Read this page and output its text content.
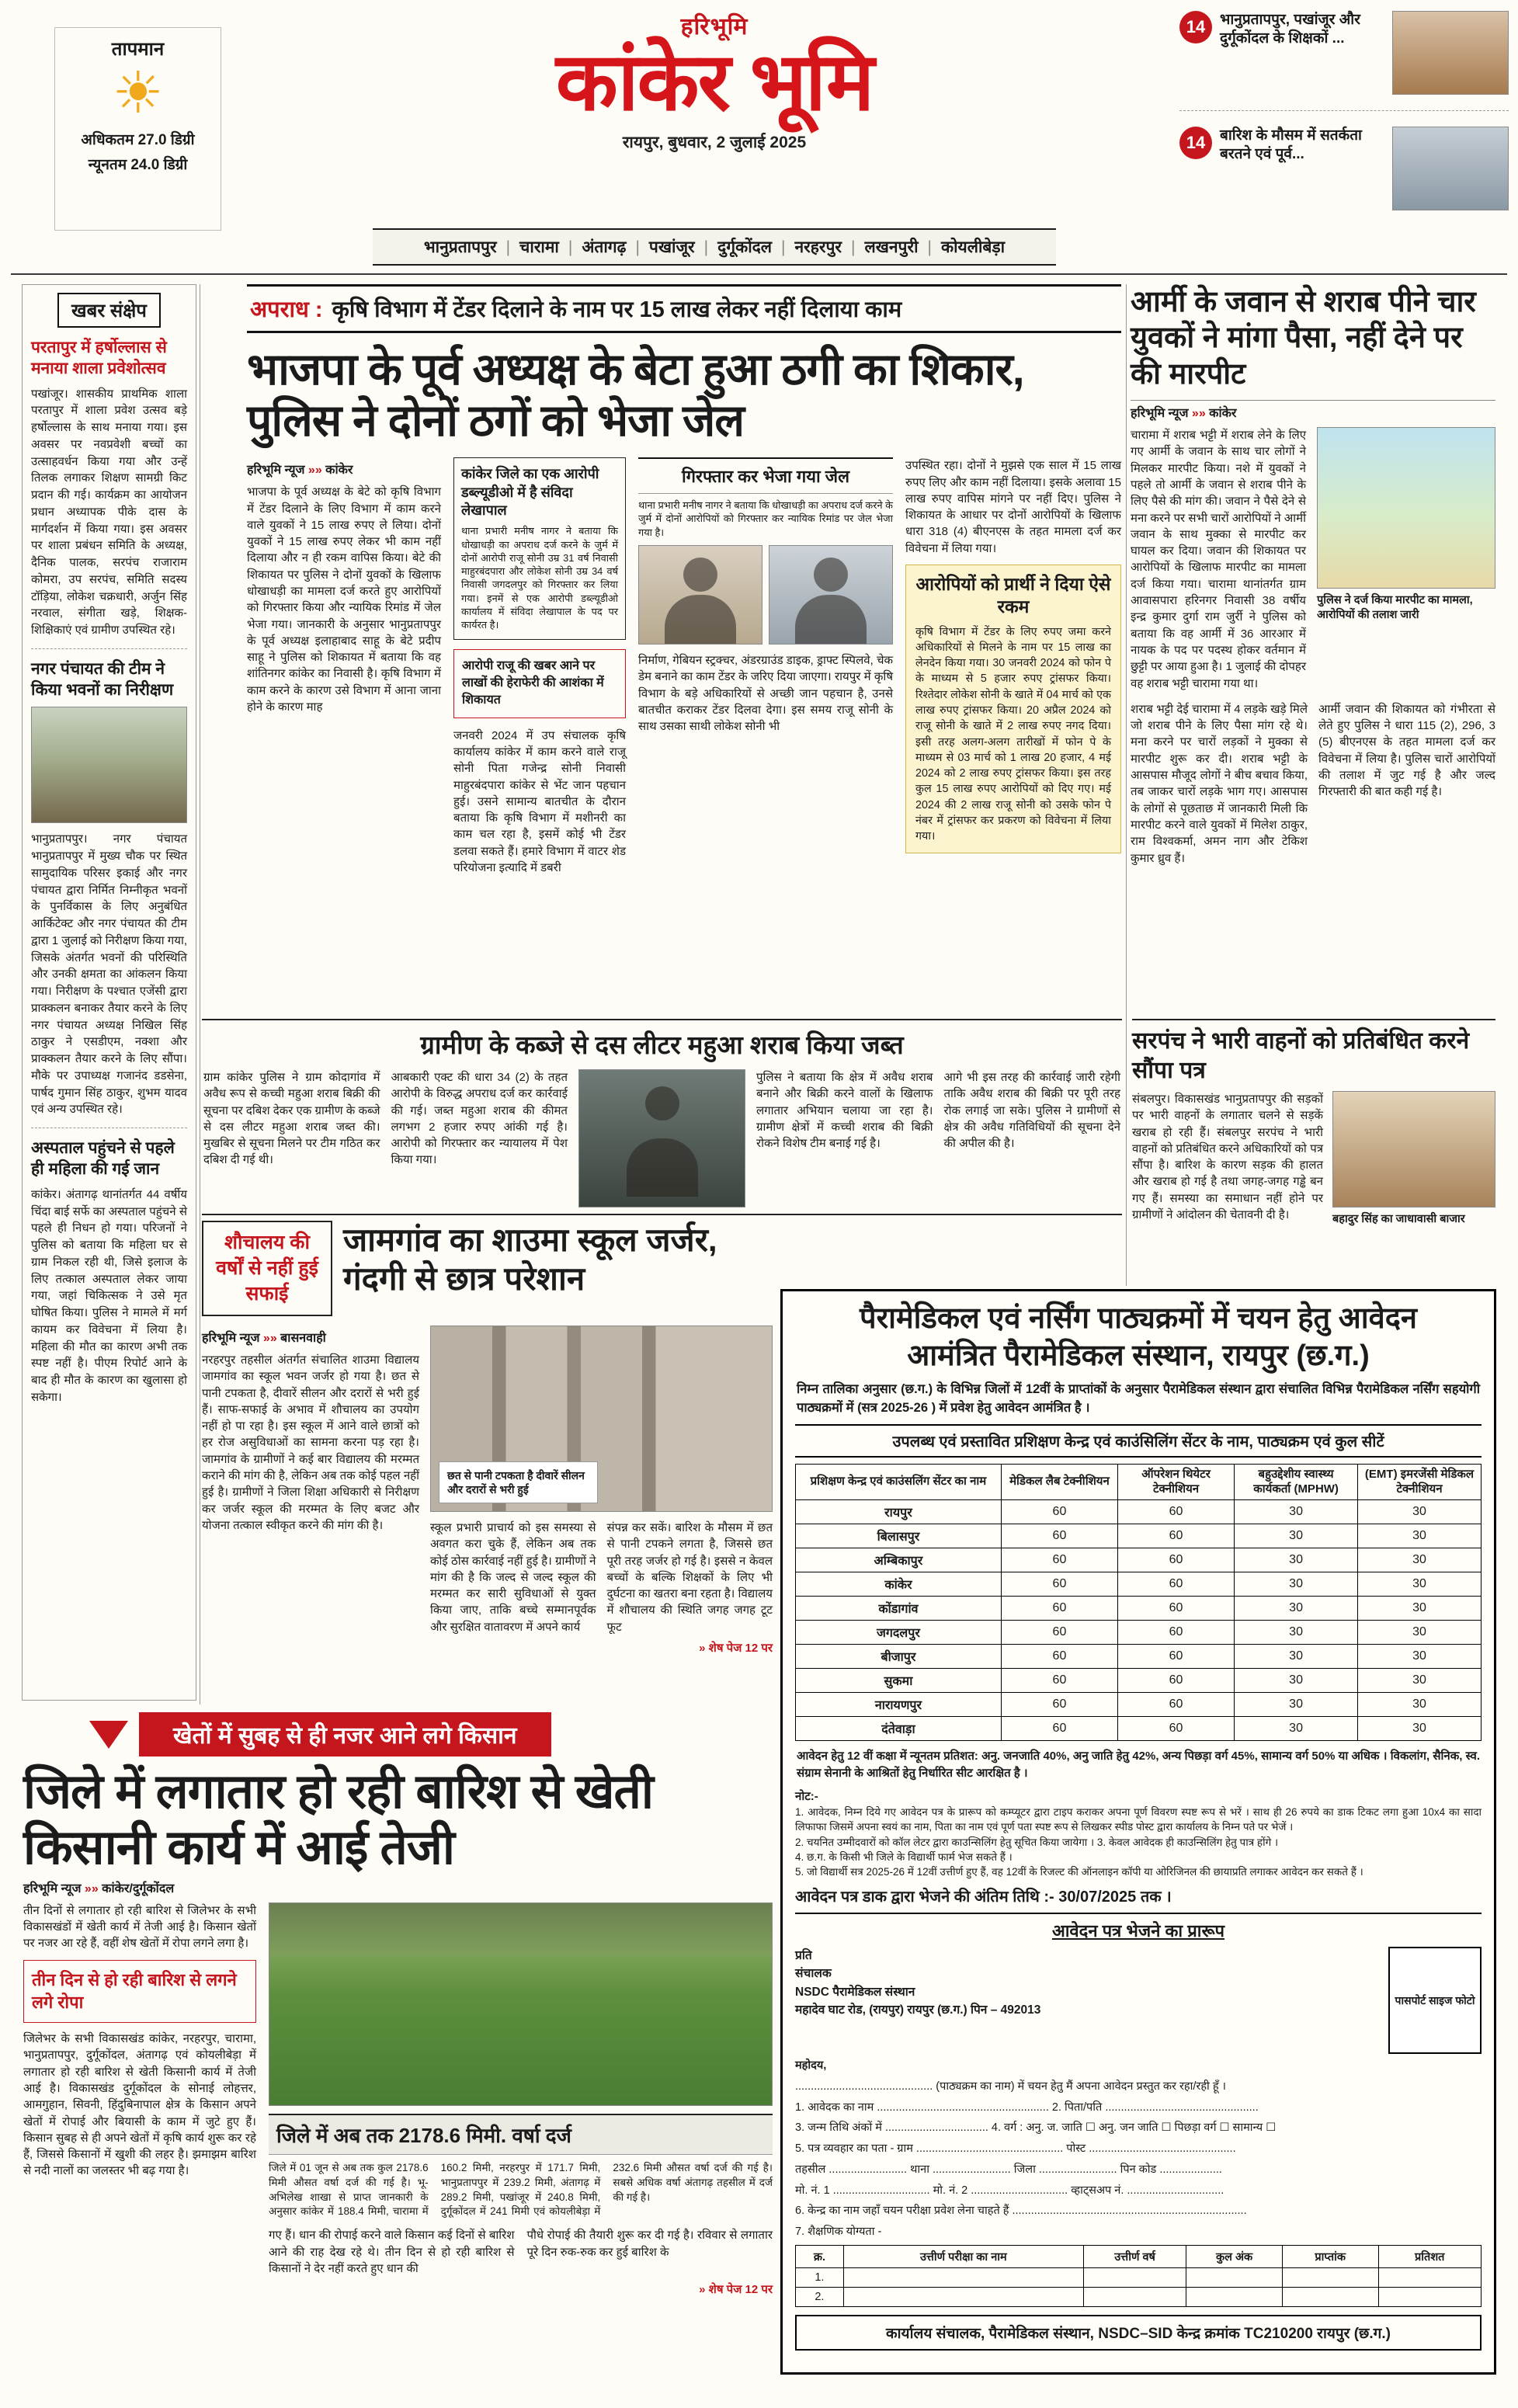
तापमान
☀
अधिकतम 27.0 डिग्री
न्यूनतम 24.0 डिग्री
हरिभूमि
कांकेर भूमि
रायपुर, बुधवार, 2 जुलाई 2025
भानुप्रतापपुर	| चारामा	| अंतागढ़	| पखांजूर	| दुर्गूकोंदल	| नरहरपुर	| लखनपुरी	| कोयलीबेड़ा
14 भानुप्रतापपुर, पखांजूर और दुर्गूकोंदल के शिक्षकों ...
14 बारिश के मौसम में सतर्कता बरतने एवं पूर्व...
खबर संक्षेप
परतापुर में हर्षोल्लास से मनाया शाला प्रवेशोत्सव

पखांजूर। शासकीय प्राथमिक शाला परतापुर में शाला प्रवेश उत्सव बड़े हर्षोल्लास के साथ मनाया गया। इस अवसर पर नवप्रवेशी बच्चों का उत्साहवर्धन किया गया और उन्हें तिलक लगाकर शिक्षण सामग्री किट प्रदान की गई। कार्यक्रम का आयोजन प्रधान अध्यापक पीके दास के मार्गदर्शन में किया गया। इस अवसर पर शाला प्रबंधन समिति के अध्यक्ष, दैनिक पालक, सरपंच राजाराम कोमरा, उप सरपंच, समिति सदस्य टॉड़िया, लोकेश चक्रधारी, अर्जुन सिंह नरवाल, संगीता खड़े, शिक्षक-शिक्षिकाएं एवं ग्रामीण उपस्थित रहे।

नगर पंचायत की टीम ने किया भवनों का निरीक्षण

भानुप्रतापपुर। नगर पंचायत भानुप्रतापपुर में मुख्य चौक पर स्थित सामुदायिक परिसर इकाई और नगर पंचायत द्वारा निर्मित निम्नीकृत भवनों के पुनर्विकास के लिए अनुबंधित आर्किटेक्ट और नगर पंचायत की टीम द्वारा 1 जुलाई को निरीक्षण किया गया, जिसके अंतर्गत भवनों की परिस्थिति और उनकी क्षमता का आंकलन किया गया। निरीक्षण के पश्चात एजेंसी द्वारा प्राक्कलन बनाकर तैयार करने के लिए नगर पंचायत अध्यक्ष निखिल सिंह ठाकुर ने एसडीएम, नक्शा और प्राक्कलन तैयार करने के लिए सौंपा। मौके पर उपाध्यक्ष गजानंद डडसेना, पार्षद गुमान सिंह ठाकुर, शुभम यादव एवं अन्य उपस्थित रहे।

अस्पताल पहुंचने से पहले ही महिला की गई जान

कांकेर। अंतागढ़ थानांतर्गत 44 वर्षीय चिंदा बाई सर्फे का अस्पताल पहुंचने से पहले ही निधन हो गया। परिजनों ने पुलिस को बताया कि महिला घर से ग्राम निकल रही थी, जिसे इलाज के लिए तत्काल अस्पताल लेकर जाया गया, जहां चिकित्सक ने उसे मृत घोषित किया। पुलिस ने मामले में मर्ग कायम कर विवेचना में लिया है। महिला की मौत का कारण अभी तक स्पष्ट नहीं है। पीएम रिपोर्ट आने के बाद ही मौत के कारण का खुलासा हो सकेगा।

अपराध : कृषि विभाग में टेंडर दिलाने के नाम पर 15 लाख लेकर नहीं दिलाया काम
भाजपा के पूर्व अध्यक्ष के बेटा हुआ ठगी का शिकार, पुलिस ने दोनों ठगों को भेजा जेल
हरिभूमि न्यूज »» कांकेर

भाजपा के पूर्व अध्यक्ष के बेटे को कृषि विभाग में टेंडर दिलाने के लिए विभाग में काम करने वाले युवकों ने 15 लाख रुपए ले लिया। दोनों युवकों ने 15 लाख रुपए लेकर भी काम नहीं दिलाया और न ही रकम वापिस किया। बेटे की शिकायत पर पुलिस ने दोनों युवकों के खिलाफ धोखाधड़ी का मामला दर्ज करते हुए आरोपियों को गिरफ्तार किया और न्यायिक रिमांड में जेल भेजा गया। जानकारी के अनुसार भानुप्रतापपुर के पूर्व अध्यक्ष इलाहाबाद साहू के बेटे प्रदीप साहू ने पुलिस को शिकायत में बताया कि वह शांतिनगर कांकेर का निवासी है। कृषि विभाग में काम करने के कारण उसे विभाग में आना जाना होने के कारण माह

कांकेर जिले का एक आरोपी डब्ल्यूडीओ में है संविदा लेखापाल

थाना प्रभारी मनीष नागर ने बताया कि धोखाधड़ी का अपराध दर्ज करने के जुर्म में दोनों आरोपी राजू सोनी उम्र 31 वर्ष निवासी माहुरबंदपारा और लोकेश सोनी उम्र 34 वर्ष निवासी जगदलपुर को गिरफ्तार कर लिया गया। इनमें से एक आरोपी डब्ल्यूडीओ कार्यालय में संविदा लेखापाल के पद पर कार्यरत है।

आरोपी राजू की खबर आने पर लाखों की हेराफेरी की आशंका में शिकायत

जनवरी 2024 में उप संचालक कृषि कार्यालय कांकेर में काम करने वाले राजू सोनी पिता गजेन्द्र सोनी निवासी माहुरबंदपारा कांकेर से भेंट जान पहचान हुई। उसने सामान्य बातचीत के दौरान बताया कि कृषि विभाग में मशीनरी का काम चल रहा है, इसमें कोई भी टेंडर डलवा सकते हैं। हमारे विभाग में वाटर शेड परियोजना इत्यादि में डबरी

गिरफ्तार कर भेजा गया जेल

थाना प्रभारी मनीष नागर ने बताया कि धोखाधड़ी का अपराध दर्ज करने के जुर्म में दोनों आरोपियों को गिरफ्तार कर न्यायिक रिमांड पर जेल भेजा गया है।

निर्माण, गेबियन स्ट्रक्चर, अंडरग्राउंड डाइक, ड्राफ्ट स्पिलवे, चेक डेम बनाने का काम टेंडर के जरिए दिया जाएगा। रायपुर में कृषि विभाग के बड़े अधिकारियों से अच्छी जान पहचान है, उनसे बातचीत कराकर टेंडर दिलवा देगा। इस समय राजू सोनी के साथ उसका साथी लोकेश सोनी भी

उपस्थित रहा। दोनों ने मुझसे एक साल में 15 लाख रुपए लिए और काम नहीं दिलाया। इसके अलावा 15 लाख रुपए वापिस मांगने पर नहीं दिए। पुलिस ने शिकायत के आधार पर दोनों आरोपियों के खिलाफ धारा 318 (4) बीएनएस के तहत मामला दर्ज कर विवेचना में लिया गया।

आरोपियों को प्रार्थी ने दिया ऐसे रकम

कृषि विभाग में टेंडर के लिए रुपए जमा करने अधिकारियों से मिलने के नाम पर 15 लाख का लेनदेन किया गया। 30 जनवरी 2024 को फोन पे के माध्यम से 5 हजार रुपए ट्रांसफर किया। रिश्तेदार लोकेश सोनी के खाते में 04 मार्च को एक लाख रुपए ट्रांसफर किया। 20 अप्रैल 2024 को राजू सोनी के खाते में 2 लाख रुपए नगद दिया। इसी तरह अलग-अलग तारीखों में फोन पे के माध्यम से 03 मार्च को 1 लाख 20 हजार, 4 मई 2024 को 2 लाख रुपए ट्रांसफर किया। इस तरह कुल 15 लाख रुपए आरोपियों को दिए गए। मई 2024 की 2 लाख राजू सोनी को उसके फोन पे नंबर में ट्रांसफर कर प्रकरण को विवेचना में लिया गया।

आर्मी के जवान से शराब पीने चार युवकों ने मांगा पैसा, नहीं देने पर की मारपीट
हरिभूमि न्यूज »» कांकेर

चारामा में शराब भट्टी में शराब लेने के लिए गए आर्मी के जवान के साथ चार लोगों ने मिलकर मारपीट किया। नशे में युवकों ने पहले तो आर्मी के जवान से शराब पीने के लिए पैसे की मांग की। जवान ने पैसे देने से मना करने पर सभी चारों आरोपियों ने आर्मी जवान के साथ मुक्का से मारपीट कर घायल कर दिया। जवान की शिकायत पर आरोपियों के खिलाफ मारपीट का मामला दर्ज किया गया। चारामा थानांतर्गत ग्राम आवासपारा हरिनगर निवासी 38 वर्षीय इन्द्र कुमार दुर्गा राम जुर्री ने पुलिस को बताया कि वह आर्मी में 36 आरआर में नायक के पद पर पदस्थ होकर वर्तमान में छुट्टी पर आया हुआ है। 1 जुलाई की दोपहर वह शराब भट्टी चारामा गया था।

पुलिस ने दर्ज किया मारपीट का मामला, आरोपियों की तलाश जारी

शराब भट्टी देई चारामा में 4 लड़के खड़े मिले जो शराब पीने के लिए पैसा मांग रहे थे। मना करने पर चारों लड़कों ने मुक्का से मारपीट शुरू कर दी। शराब भट्टी के आसपास मौजूद लोगों ने बीच बचाव किया, तब जाकर चारों लड़के भाग गए। आसपास के लोगों से पूछताछ में जानकारी मिली कि मारपीट करने वाले युवकों में मिलेश ठाकुर, राम विश्वकर्मा, अमन नाग और टेकिश कुमार ध्रुव हैं।

आर्मी जवान की शिकायत को गंभीरता से लेते हुए पुलिस ने धारा 115 (2), 296, 3 (5) बीएनएस के तहत मामला दर्ज कर विवेचना में लिया है। पुलिस चारों आरोपियों की तलाश में जुट गई है और जल्द गिरफ्तारी की बात कही गई है।

ग्रामीण के कब्जे से दस लीटर महुआ शराब किया जब्त

ग्राम कांकेर पुलिस ने ग्राम कोदागांव में अवैध रूप से कच्ची महुआ शराब बिक्री की सूचना पर दबिश देकर एक ग्रामीण के कब्जे से दस लीटर महुआ शराब जब्त की। मुखबिर से सूचना मिलने पर टीम गठित कर दबिश दी गई थी।

आबकारी एक्ट की धारा 34 (2) के तहत आरोपी के विरुद्ध अपराध दर्ज कर कार्रवाई की गई। जब्त महुआ शराब की कीमत लगभग 2 हजार रुपए आंकी गई है। आरोपी को गिरफ्तार कर न्यायालय में पेश किया गया।

पुलिस ने बताया कि क्षेत्र में अवैध शराब बनाने और बिक्री करने वालों के खिलाफ लगातार अभियान चलाया जा रहा है। ग्रामीण क्षेत्रों में कच्ची शराब की बिक्री रोकने विशेष टीम बनाई गई है।

आगे भी इस तरह की कार्रवाई जारी रहेगी ताकि अवैध शराब की बिक्री पर पूरी तरह रोक लगाई जा सके। पुलिस ने ग्रामीणों से क्षेत्र की अवैध गतिविधियों की सूचना देने की अपील की है।

सरपंच ने भारी वाहनों को प्रतिबंधित करने सौंपा पत्र

संबलपुर। विकासखंड भानुप्रतापपुर की सड़कों पर भारी वाहनों के लगातार चलने से सड़कें खराब हो रही हैं। संबलपुर सरपंच ने भारी वाहनों को प्रतिबंधित करने अधिकारियों को पत्र सौंपा है। बारिश के कारण सड़क की हालत और खराब हो गई है तथा जगह-जगह गड्ढे बन गए हैं। समस्या का समाधान नहीं होने पर ग्रामीणों ने आंदोलन की चेतावनी दी है।	बहादुर सिंह का जाधावासी बाजार
शौचालय की वर्षों से नहीं हुई सफाई
जामगांव का शाउमा स्कूल जर्जर, गंदगी से छात्र परेशान
हरिभूमि न्यूज »» बासनवाही

नरहरपुर तहसील अंतर्गत संचालित शाउमा विद्यालय जामगांव का स्कूल भवन जर्जर हो गया है। छत से पानी टपकता है, दीवारें सीलन और दरारों से भरी हुई हैं। साफ-सफाई के अभाव में शौचालय का उपयोग नहीं हो पा रहा है। इस स्कूल में आने वाले छात्रों को हर रोज असुविधाओं का सामना करना पड़ रहा है। जामगांव के ग्रामीणों ने कई बार विद्यालय की मरम्मत कराने की मांग की है, लेकिन अब तक कोई पहल नहीं हुई है। ग्रामीणों ने जिला शिक्षा अधिकारी से निरीक्षण कर जर्जर स्कूल की मरम्मत के लिए बजट और योजना तत्काल स्वीकृत करने की मांग की है।

छत से पानी टपकता है दीवारें सीलन और दरारों से भरी हुई

स्कूल प्रभारी प्राचार्य को इस समस्या से अवगत करा चुके हैं, लेकिन अब तक कोई ठोस कार्रवाई नहीं हुई है। ग्रामीणों ने मांग की है कि जल्द से जल्द स्कूल की मरम्मत कर सारी सुविधाओं से युक्त किया जाए, ताकि बच्चे सम्मानपूर्वक और सुरक्षित वातावरण में अपने कार्य

संपन्न कर सकें। बारिश के मौसम में छत से पानी टपकने लगता है, जिससे छत पूरी तरह जर्जर हो गई है। इससे न केवल बच्चों के बल्कि शिक्षकों के लिए भी दुर्घटना का खतरा बना रहता है। विद्यालय में शौचालय की स्थिति जगह जगह टूट फूट

» शेष पेज 12 पर
खेतों में सुबह से ही नजर आने लगे किसान
जिले में लगातार हो रही बारिश से खेती किसानी कार्य में आई तेजी
हरिभूमि न्यूज »» कांकेर/दुर्गूकोंदल

तीन दिनों से लगातार हो रही बारिश से जिलेभर के सभी विकासखंडों में खेती कार्य में तेजी आई है। किसान खेतों पर नजर आ रहे हैं, वहीं शेष खेतों में रोपा लगने लगा है।

तीन दिन से हो रही बारिश से लगने लगे रोपा

जिलेभर के सभी विकासखंड कांकेर, नरहरपुर, चारामा, भानुप्रतापपुर, दुर्गूकोंदल, अंतागढ़ एवं कोयलीबेड़ा में लगातार हो रही बारिश से खेती किसानी कार्य में तेजी आई है। विकासखंड दुर्गूकोंदल के सोनाई लोहत्तर, आमगुहान, सिवनी, हिंदुबिनापाल क्षेत्र के किसान अपने खेतों में रोपाई और बियासी के काम में जुटे हुए हैं। किसान सुबह से ही अपने खेतों में कृषि कार्य शुरू कर रहे हैं, जिससे किसानों में खुशी की लहर है। झमाझम बारिश से नदी नालों का जलस्तर भी बढ़ गया है।

जिले में अब तक 2178.6 मिमी. वर्षा दर्ज

जिले में 01 जून से अब तक कुल 2178.6 मिमी औसत वर्षा दर्ज की गई है। भू-अभिलेख शाखा से प्राप्त जानकारी के अनुसार कांकेर में 188.4 मिमी, चारामा में 160.2 मिमी, नरहरपुर में 171.7 मिमी, भानुप्रतापपुर में 239.2 मिमी, अंतागढ़ में 289.2 मिमी, पखांजूर में 240.8 मिमी, दुर्गूकोंदल में 241 मिमी एवं कोयलीबेड़ा में 232.6 मिमी औसत वर्षा दर्ज की गई है। सबसे अधिक वर्षा अंतागढ़ तहसील में दर्ज की गई है।

गए हैं। धान की रोपाई करने वाले किसान कई दिनों से बारिश आने की राह देख रहे थे। तीन दिन से हो रही बारिश से किसानों ने देर नहीं करते हुए धान की

पौधे रोपाई की तैयारी शुरू कर दी गई है। रविवार से लगातार पूरे दिन रुक-रुक कर हुई बारिश के

» शेष पेज 12 पर
पैरामेडिकल एवं नर्सिंग पाठ्यक्रमों में चयन हेतु आवेदन
आमंत्रित पैरामेडिकल संस्थान, रायपुर (छ.ग.)

निम्न तालिका अनुसार (छ.ग.) के विभिन्न जिलों में 12वीं के प्राप्तांकों के अनुसार पैरामेडिकल संस्थान द्वारा संचालित विभिन्न पैरामेडिकल नर्सिंग सहयोगी पाठ्यक्रमों में (सत्र 2025-26 ) में प्रवेश हेतु आवेदन आमंत्रित है ।

उपलब्ध एवं प्रस्तावित प्रशिक्षण केन्द्र एवं काउंसिलिंग सेंटर के नाम, पाठ्यक्रम एवं कुल सीटें
प्रशिक्षण केन्द्र एवं काउंसलिंग सेंटर का नाम	मेडिकल लैब टेक्नीशियन	ऑपरेशन थियेटर टेक्नीशियन	बहुउद्देशीय स्वास्थ्य कार्यकर्ता (MPHW)	(EMT) इमरजेंसी मेडिकल टेक्नीशियन
रायपुर	60	60	30	30
बिलासपुर	60	60	30	30
अम्बिकापुर	60	60	30	30
कांकेर	60	60	30	30
कोंडागांव	60	60	30	30
जगदलपुर	60	60	30	30
बीजापुर	60	60	30	30
सुकमा	60	60	30	30
नारायणपुर	60	60	30	30
दंतेवाड़ा	60	60	30	30

आवेदन हेतु 12 वीं कक्षा में न्यूनतम प्रतिशत: अनु. जनजाति 40%, अनु जाति हेतु 42%, अन्य पिछड़ा वर्ग 45%, सामान्य वर्ग 50% या अधिक । विकलांग, सैनिक, स्व. संग्राम सेनानी के आश्रितों हेतु निर्धारित सीट आरक्षित है ।

नोट:-
1. आवेदक, निम्न दिये गए आवेदन पत्र के प्रारूप को कम्प्यूटर द्वारा टाइप कराकर अपना पूर्ण विवरण स्पष्ट रूप से भरें । साथ ही 26 रुपये का डाक टिकट लगा हुआ 10x4 का सादा लिफाफा जिसमें अपना स्वयं का नाम, पिता का नाम एवं पूर्ण पता स्पष्ट रूप से लिखकर स्पीड पोस्ट द्वारा कार्यालय के निम्न पते पर भेजें ।
2. चयनित उम्मीदवारों को कॉल लेटर द्वारा काउन्सिलिंग हेतु सूचित किया जायेगा । 3. केवल आवेदक ही काउन्सिलिंग हेतु पात्र होंगे ।
4. छ.ग. के किसी भी जिले के विद्यार्थी फार्म भेज सकते हैं ।
5. जो विद्यार्थी सत्र 2025-26 में 12वीं उत्तीर्ण हुए हैं, वह 12वीं के रिजल्ट की ऑनलाइन कॉपी या ओरिजिनल की छायाप्रति लगाकर आवेदन कर सकते हैं ।
आवेदन पत्र डाक द्वारा भेजने की अंतिम तिथि :- 30/07/2025 तक ।
आवेदन पत्र भेजने का प्रारूप
प्रति
संचालक
NSDC पैरामेडिकल संस्थान
महादेव घाट रोड, (रायपुर) रायपुर (छ.ग.) पिन – 492013
पासपोर्ट साइज फोटो
महोदय,
............................................ (पाठ्यक्रम का नाम) में चयन हेतु मैं अपना आवेदन प्रस्तुत कर रहा/रही हूँ ।
1. आवेदक का नाम ....................................................... 2. पिता/पति .................................................
3. जन्म तिथि अंकों में ................................. 4. वर्ग : अनु. ज. जाति ☐ अनु. जन जाति ☐ पिछड़ा वर्ग ☐ सामान्य ☐
5. पत्र व्यवहार का पता - ग्राम ............................................... पोस्ट ...............................................
तहसील ......................... थाना ......................... जिला ......................... पिन कोड ....................
मो. नं. 1 ............................... मो. नं. 2 ............................... व्हाट्सअप नं. ...............................
6. केन्द्र का नाम जहाँ चयन परीक्षा प्रवेश लेना चाहते हैं ...........................................................................
7. शैक्षणिक योग्यता -
क्र.	उत्तीर्ण परीक्षा का नाम	उत्तीर्ण वर्ष	कुल अंक	प्राप्तांक	प्रतिशत
1.					
2.					
कार्यालय संचालक, पैरामेडिकल संस्थान, NSDC–SID केन्द्र क्रमांक TC210200 रायपुर (छ.ग.)
